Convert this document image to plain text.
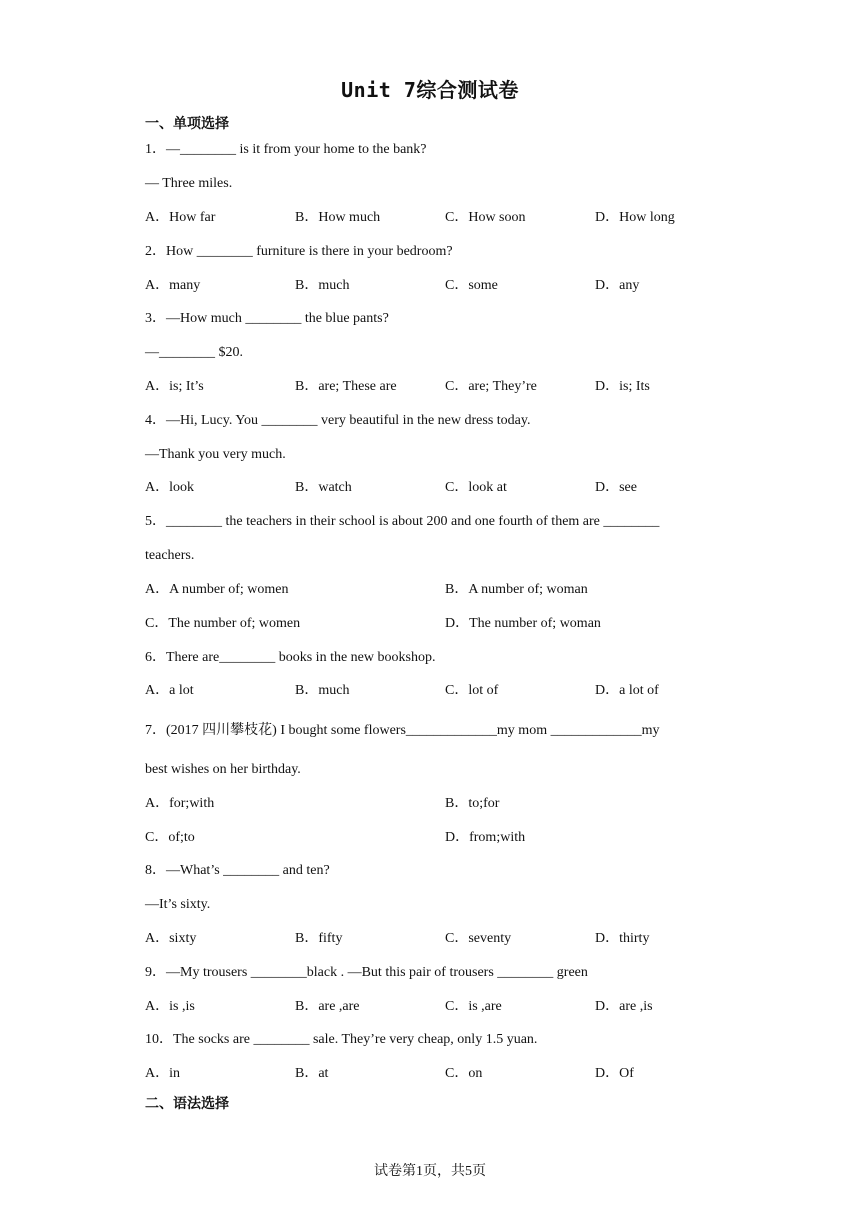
Unit 7综合测试卷
一、单项选择
1．—________ is it from your home to the bank?
— Three miles.
A．How far	B．How much	C．How soon	D．How long
2．How ________ furniture is there in your bedroom?
A．many	B．much	C．some	D．any
3．—How much ________ the blue pants?
—________ $20.
A．is; It’s	B．are; These are	C．are; They’re	D．is; Its
4．—Hi, Lucy. You ________ very beautiful in the new dress today.
—Thank you very much.
A．look	B．watch	C．look at	D．see
5．________ the teachers in their school is about 200 and one fourth of them are ________
teachers.
A．A number of; women	B．A number of; woman
C．The number of; women	D．The number of; woman
6．There are________ books in the new bookshop.
A．a lot	B．much	C．lot of	D．a lot of
7．(2017 四川攀枝花) I bought some flowers_____________my mom _____________my
best wishes on her birthday.
A．for;with	B．to;for
C．of;to	D．from;with
8．—What’s ________ and ten?
—It’s sixty.
A．sixty	B．fifty	C．seventy	D．thirty
9．—My trousers ________black . —But this pair of trousers ________ green
A．is ,is	B．are ,are	C．is ,are	D．are ,is
10．The socks are ________ sale. They’re very cheap, only 1.5 yuan.
A．in	B．at	C．on	D．Of
二、语法选择
试卷第1页，共5页
